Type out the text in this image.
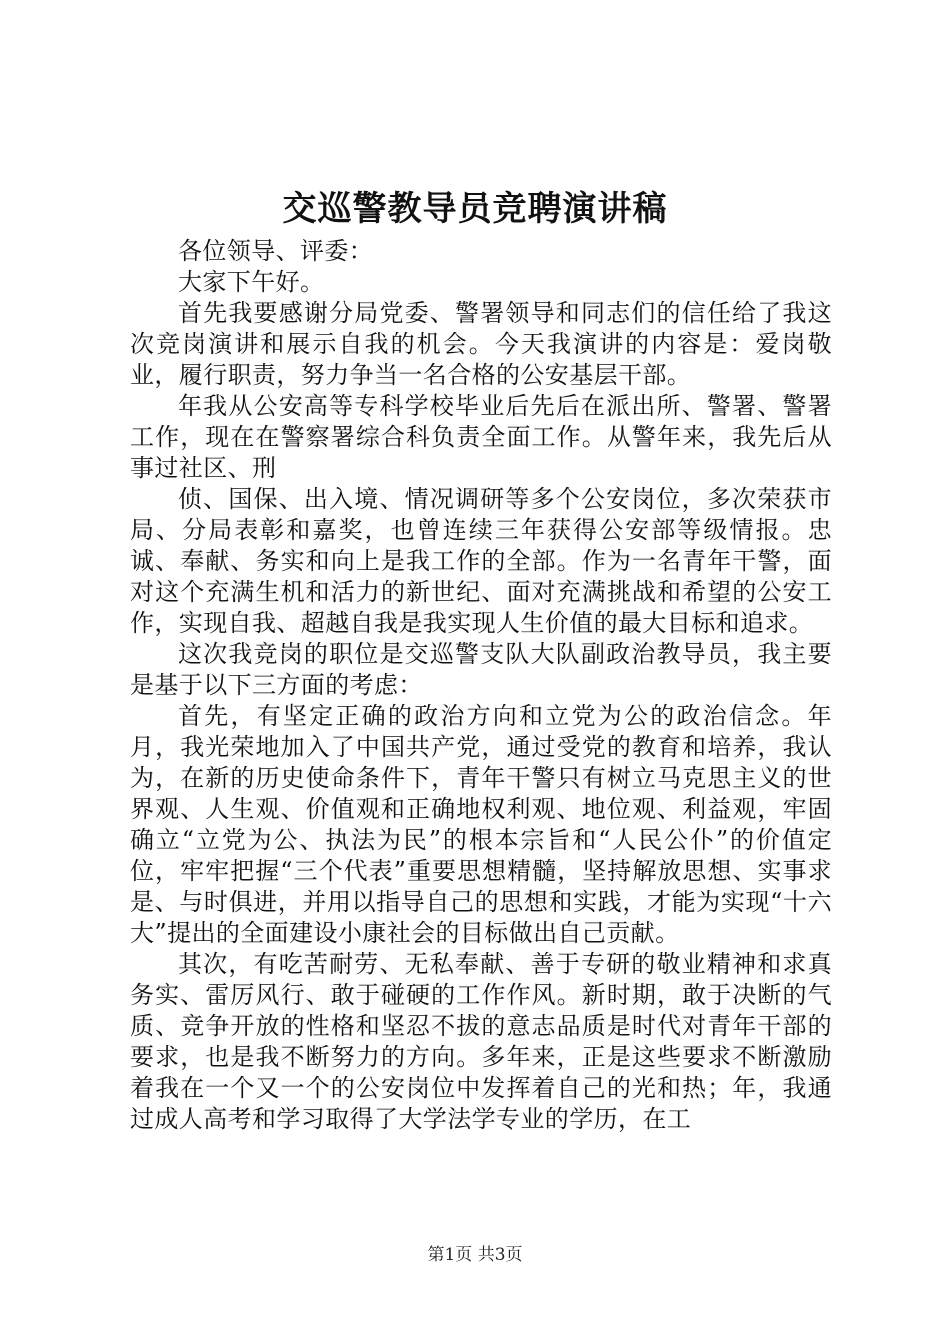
交巡警教导员竞聘演讲稿

各位领导、评委：

大家下午好。

首先我要感谢分局党委、警署领导和同志们的信任给了我这次竞岗演讲和展示自我的机会。今天我演讲的内容是：爱岗敬业，履行职责，努力争当一名合格的公安基层干部。

年我从公安高等专科学校毕业后先后在派出所、警署、警署工作，现在在警察署综合科负责全面工作。从警年来，我先后从事过社区、刑

侦、国保、出入境、情况调研等多个公安岗位，多次荣获市局、分局表彰和嘉奖，也曾连续三年获得公安部等级情报。忠诚、奉献、务实和向上是我工作的全部。作为一名青年干警，面对这个充满生机和活力的新世纪、面对充满挑战和希望的公安工作，实现自我、超越自我是我实现人生价值的最大目标和追求。

这次我竞岗的职位是交巡警支队大队副政治教导员，我主要是基于以下三方面的考虑：

首先，有坚定正确的政治方向和立党为公的政治信念。年月，我光荣地加入了中国共产党，通过受党的教育和培养，我认为，在新的历史使命条件下，青年干警只有树立马克思主义的世界观、人生观、价值观和正确地权利观、地位观、利益观，牢固确立“立党为公、执法为民”的根本宗旨和“人民公仆”的价值定位，牢牢把握“三个代表”重要思想精髓，坚持解放思想、实事求是、与时俱进，并用以指导自己的思想和实践，才能为实现“十六大”提出的全面建设小康社会的目标做出自己贡献。

其次，有吃苦耐劳、无私奉献、善于专研的敬业精神和求真务实、雷厉风行、敢于碰硬的工作作风。新时期，敢于决断的气质、竞争开放的性格和坚忍不拔的意志品质是时代对青年干部的要求，也是我不断努力的方向。多年来，正是这些要求不断激励着我在一个又一个的公安岗位中发挥着自己的光和热；年，我通过成人高考和学习取得了大学法学专业的学历，在工

第1页 共3页
